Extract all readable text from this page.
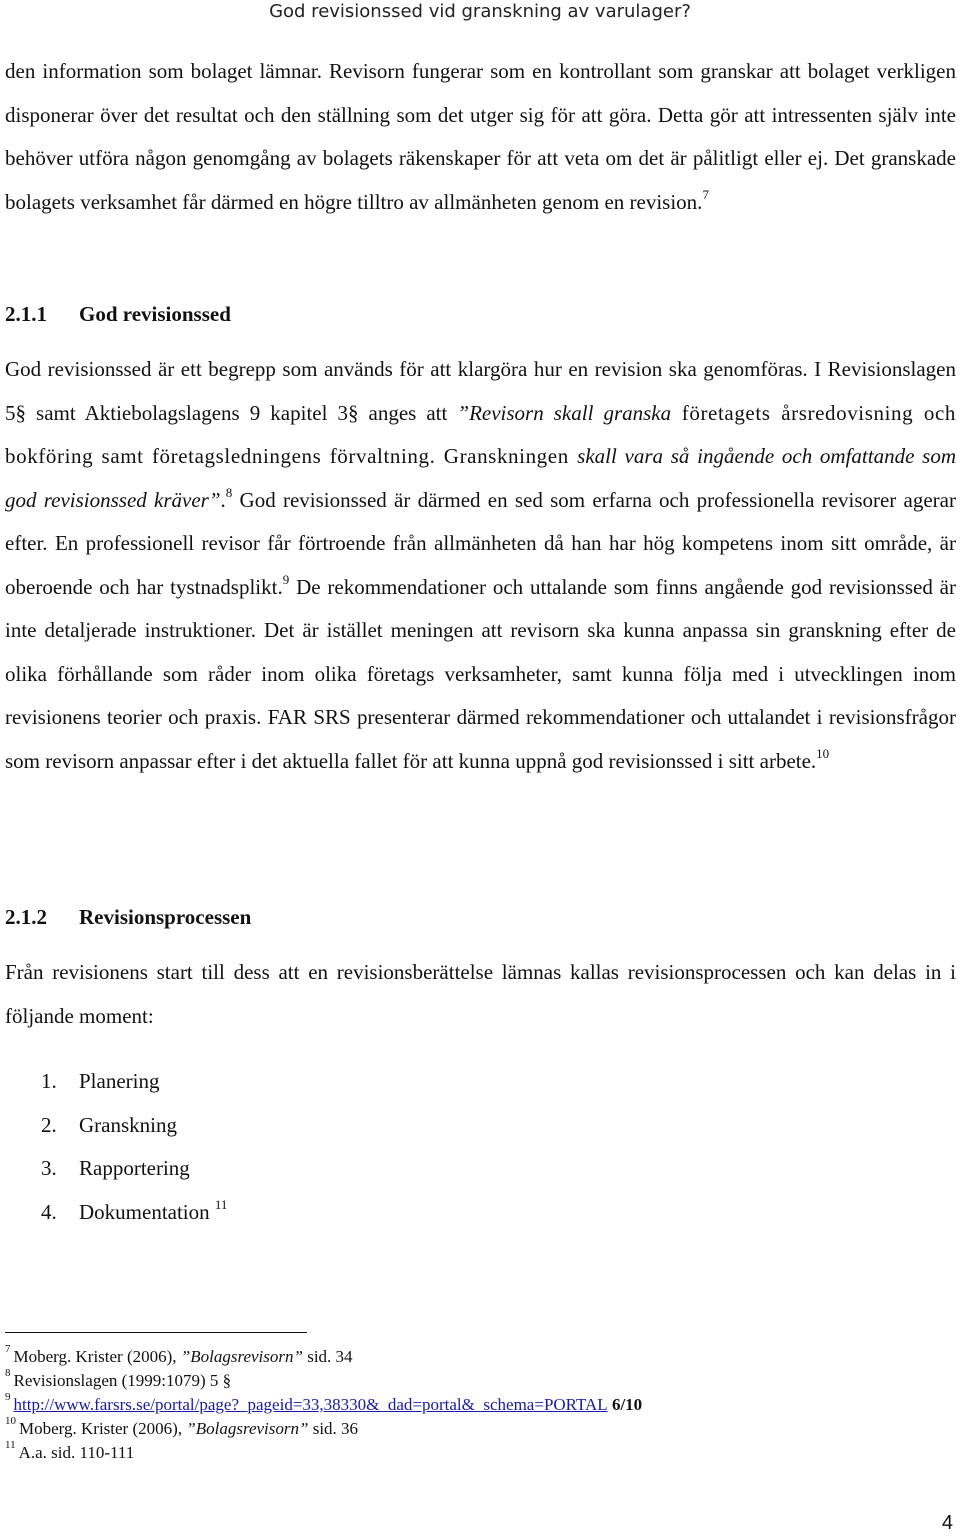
God revisionssed vid granskning av varulager?

den information som bolaget lämnar. Revisorn fungerar som en kontrollant som granskar att bolaget verkligen disponerar över det resultat och den ställning som det utger sig för att göra. Detta gör att intressenten själv inte behöver utföra någon genomgång av bolagets räkenskaper för att veta om det är pålitligt eller ej. Det granskade bolagets verksamhet får därmed en högre tilltro av allmänheten genom en revision.$^7$

2.1.1 God revisionssed

God revisionssed är ett begrepp som används för att klargöra hur en revision ska genomföras. I Revisionslagen 5§ samt Aktiebolagslagens 9 kapitel 3§ anges att ”Revisorn skall granska företagets årsredovisning och bokföring samt företagsledningens förvaltning. Granskningen skall vara så ingående och omfattande som god revisionssed kräver”.$^8$ God revisionssed är därmed en sed som erfarna och professionella revisorer agerar efter. En professionell revisor får förtroende från allmänheten då han har hög kompetens inom sitt område, är oberoende och har tystnadsplikt.$^9$ De rekommendationer och uttalande som finns angående god revisionssed är inte detaljerade instruktioner. Det är istället meningen att revisorn ska kunna anpassa sin granskning efter de olika förhållande som råder inom olika företags verksamheter, samt kunna följa med i utvecklingen inom revisionens teorier och praxis. FAR SRS presenterar därmed rekommendationer och uttalandet i revisionsfrågor som revisorn anpassar efter i det aktuella fallet för att kunna uppnå god revisionssed i sitt arbete.$^{10}$

2.1.2 Revisionsprocessen

Från revisionens start till dess att en revisionsberättelse lämnas kallas revisionsprocessen och kan delas in i följande moment:

1. Planering
2. Granskning
3. Rapportering
4. Dokumentation $^{11}$
$^7$ Moberg. Krister (2006), ”Bolagsrevisorn” sid. 34
$^8$ Revisionslagen (1999:1079) 5 §
$^9$ http://www.farsrs.se/portal/page?_pageid=33,38330&_dad=portal&_schema=PORTAL 6/10
$^{10}$ Moberg. Krister (2006), ”Bolagsrevisorn” sid. 36
$^{11}$ A.a. sid. 110-111
4
